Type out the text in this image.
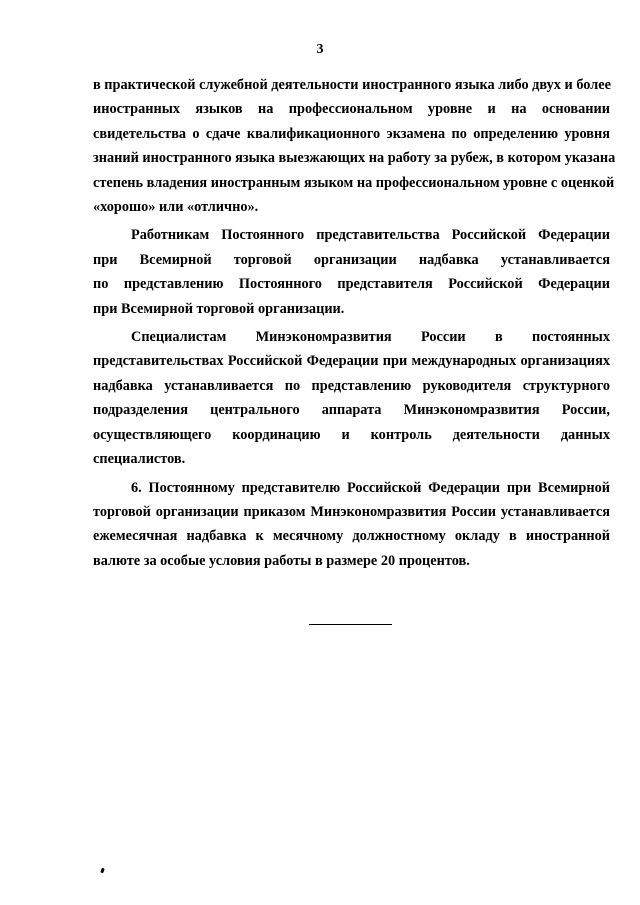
3
в практической служебной деятельности иностранного языка либо двух и более
иностранных языков на профессиональном уровне и на основании
свидетельства о сдаче квалификационного экзамена по определению уровня
знаний иностранного языка выезжающих на работу за рубеж, в котором указана
степень владения иностранным языком на профессиональном уровне с оценкой
«хорошо» или «отлично».
Работникам Постоянного представительства Российской Федерации
при Всемирной торговой организации надбавка устанавливается
по представлению Постоянного представителя Российской Федерации
при Всемирной торговой организации.
Специалистам Минэкономразвития России в постоянных
представительствах Российской Федерации при международных организациях
надбавка устанавливается по представлению руководителя структурного
подразделения центрального аппарата Минэкономразвития России,
осуществляющего координацию и контроль деятельности данных
специалистов.
6. Постоянному представителю Российской Федерации при Всемирной
торговой организации приказом Минэкономразвития России устанавливается
ежемесячная надбавка к месячному должностному окладу в иностранной
валюте за особые условия работы в размере 20 процентов.
